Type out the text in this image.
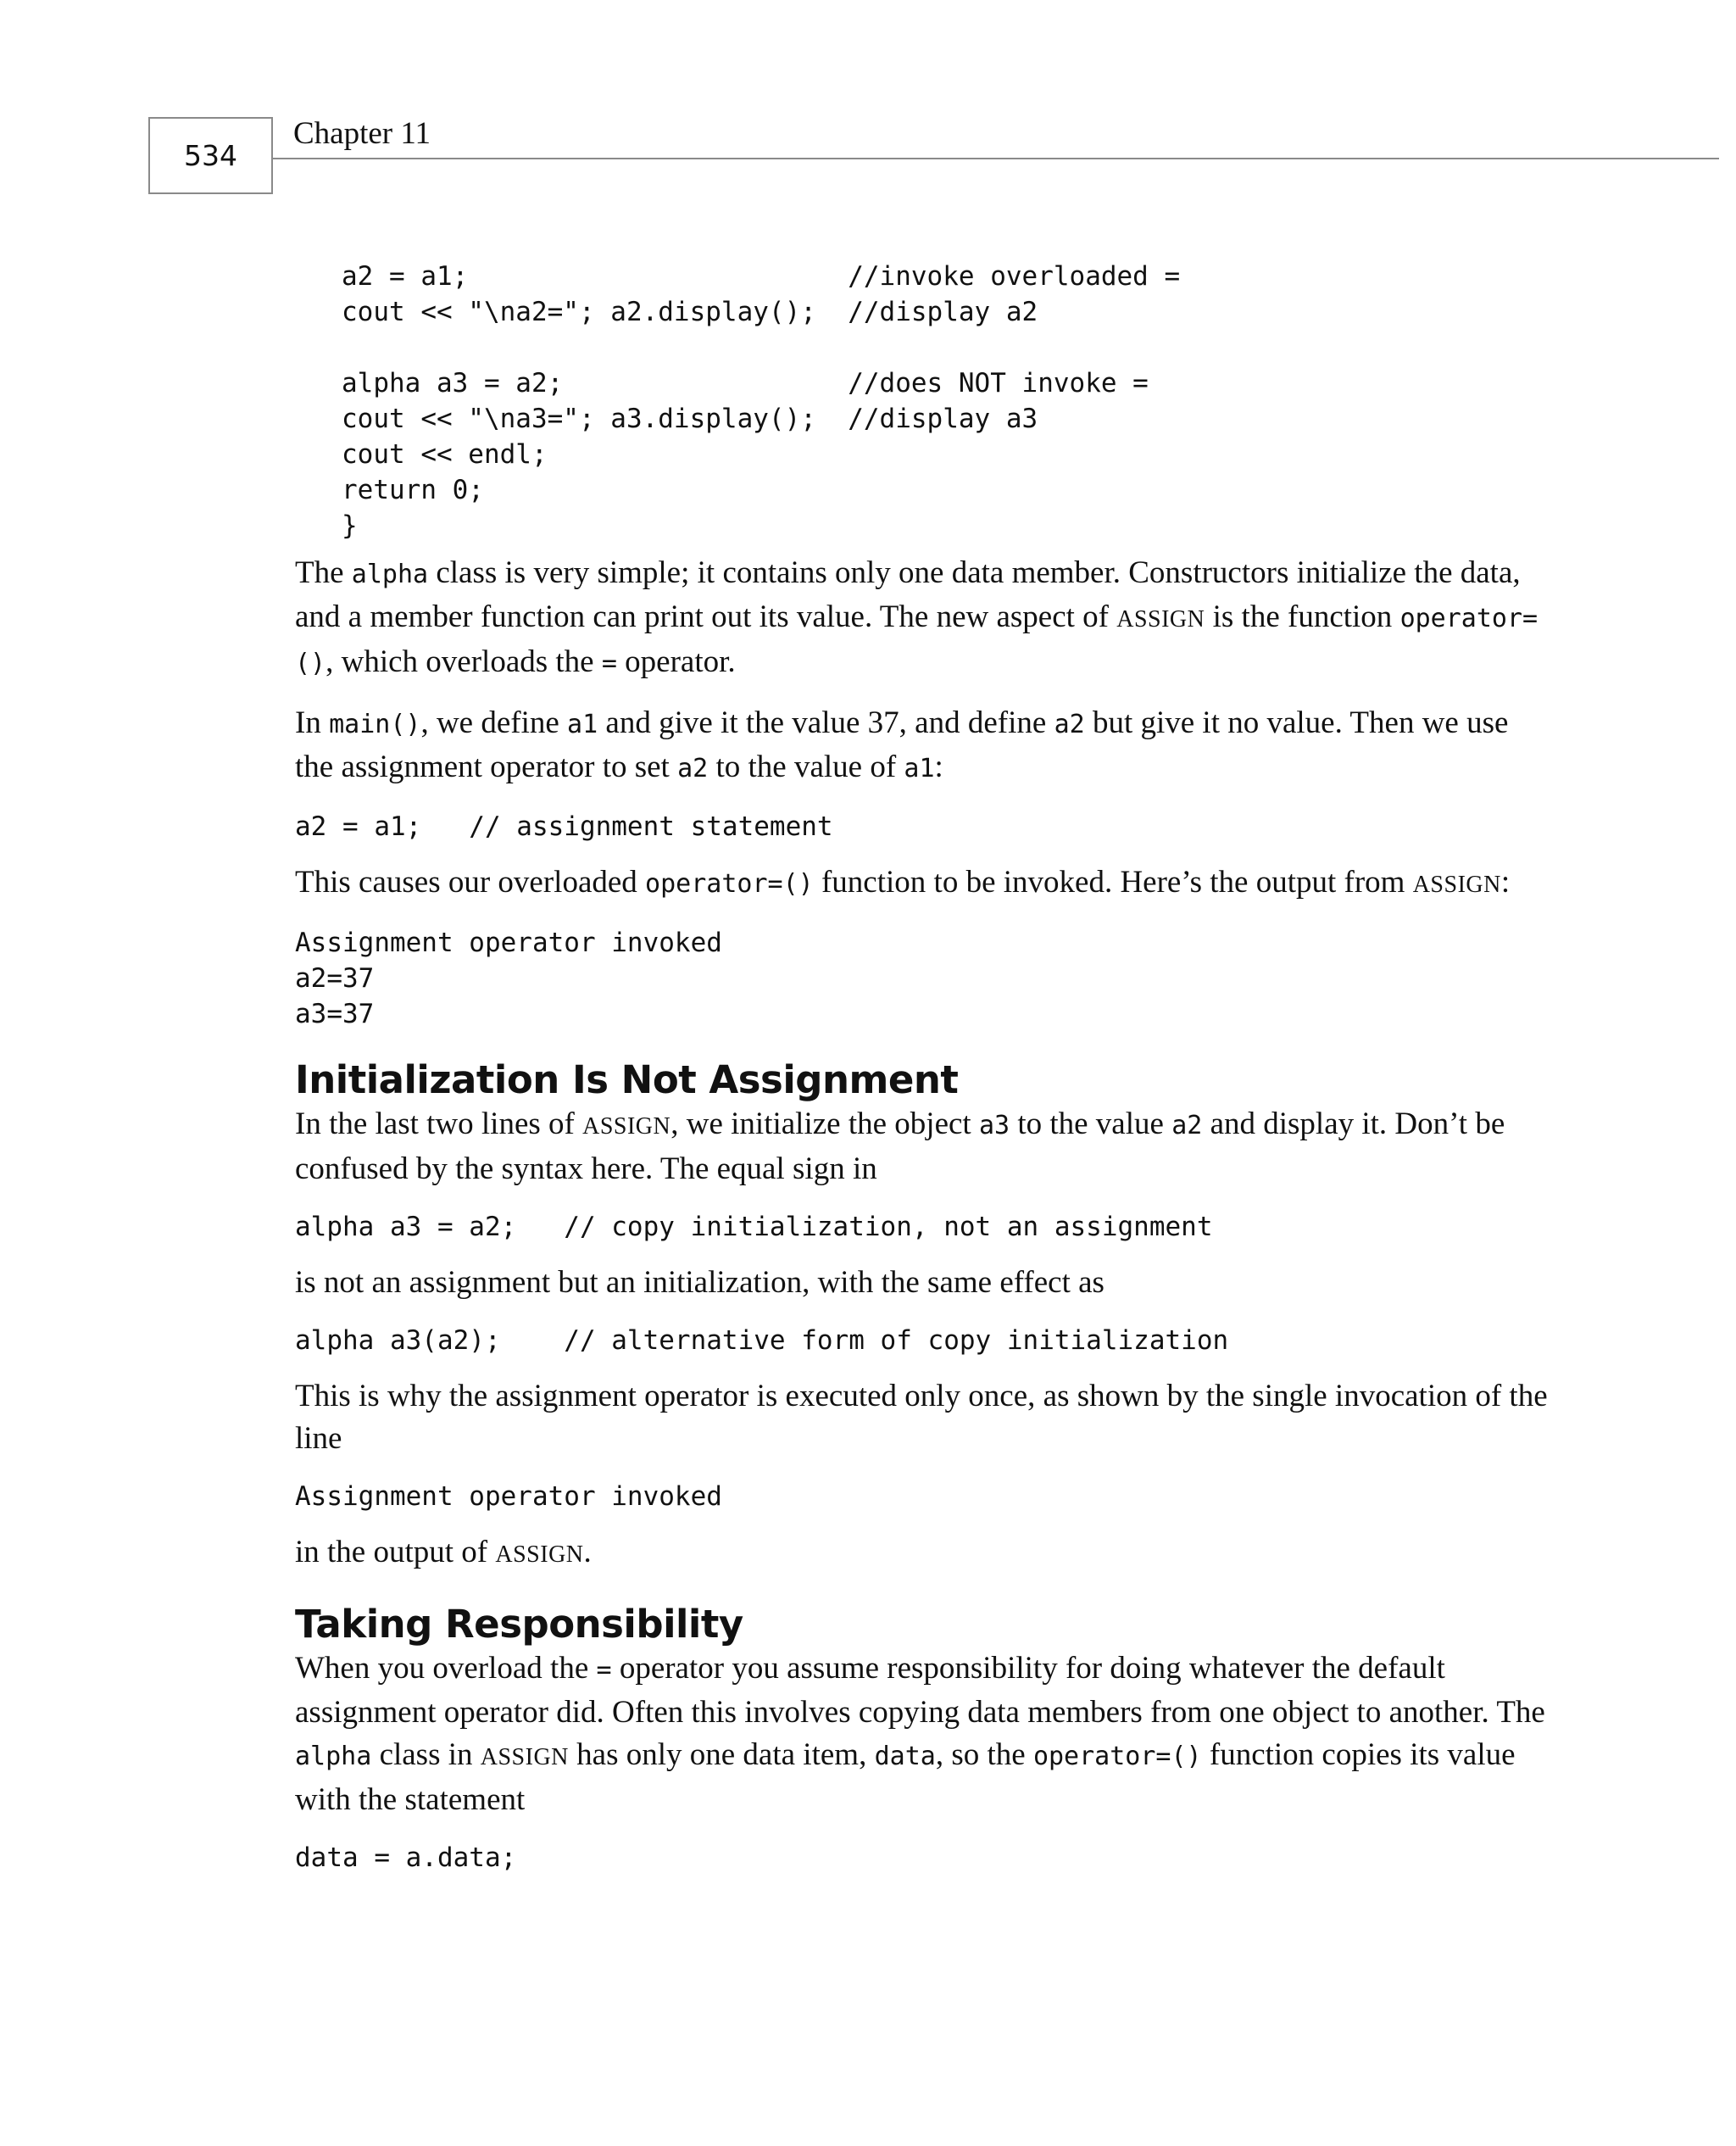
534
Chapter 11
a2 = a1;                        //invoke overloaded =
cout << "\na2="; a2.display();  //display a2
alpha a3 = a2;                  //does NOT invoke =
cout << "\na3="; a3.display();  //display a3
cout << endl;
return 0;
}

The alpha class is very simple; it contains only one data member. Constructors initialize the data, and a member function can print out its value. The new aspect of ASSIGN is the function operator=(), which overloads the = operator.

In main(), we define a1 and give it the value 37, and define a2 but give it no value. Then we use the assignment operator to set a2 to the value of a1:

a2 = a1;   // assignment statement

This causes our overloaded operator=() function to be invoked. Here’s the output from ASSIGN:

Assignment operator invoked
a2=37
a3=37
Initialization Is Not Assignment

In the last two lines of ASSIGN, we initialize the object a3 to the value a2 and display it. Don’t be confused by the syntax here. The equal sign in

alpha a3 = a2;   // copy initialization, not an assignment

is not an assignment but an initialization, with the same effect as

alpha a3(a2);    // alternative form of copy initialization

This is why the assignment operator is executed only once, as shown by the single invocation of the line

Assignment operator invoked

in the output of ASSIGN.

Taking Responsibility

When you overload the = operator you assume responsibility for doing whatever the default assignment operator did. Often this involves copying data members from one object to another. The alpha class in ASSIGN has only one data item, data, so the operator=() function copies its value with the statement

data = a.data;
